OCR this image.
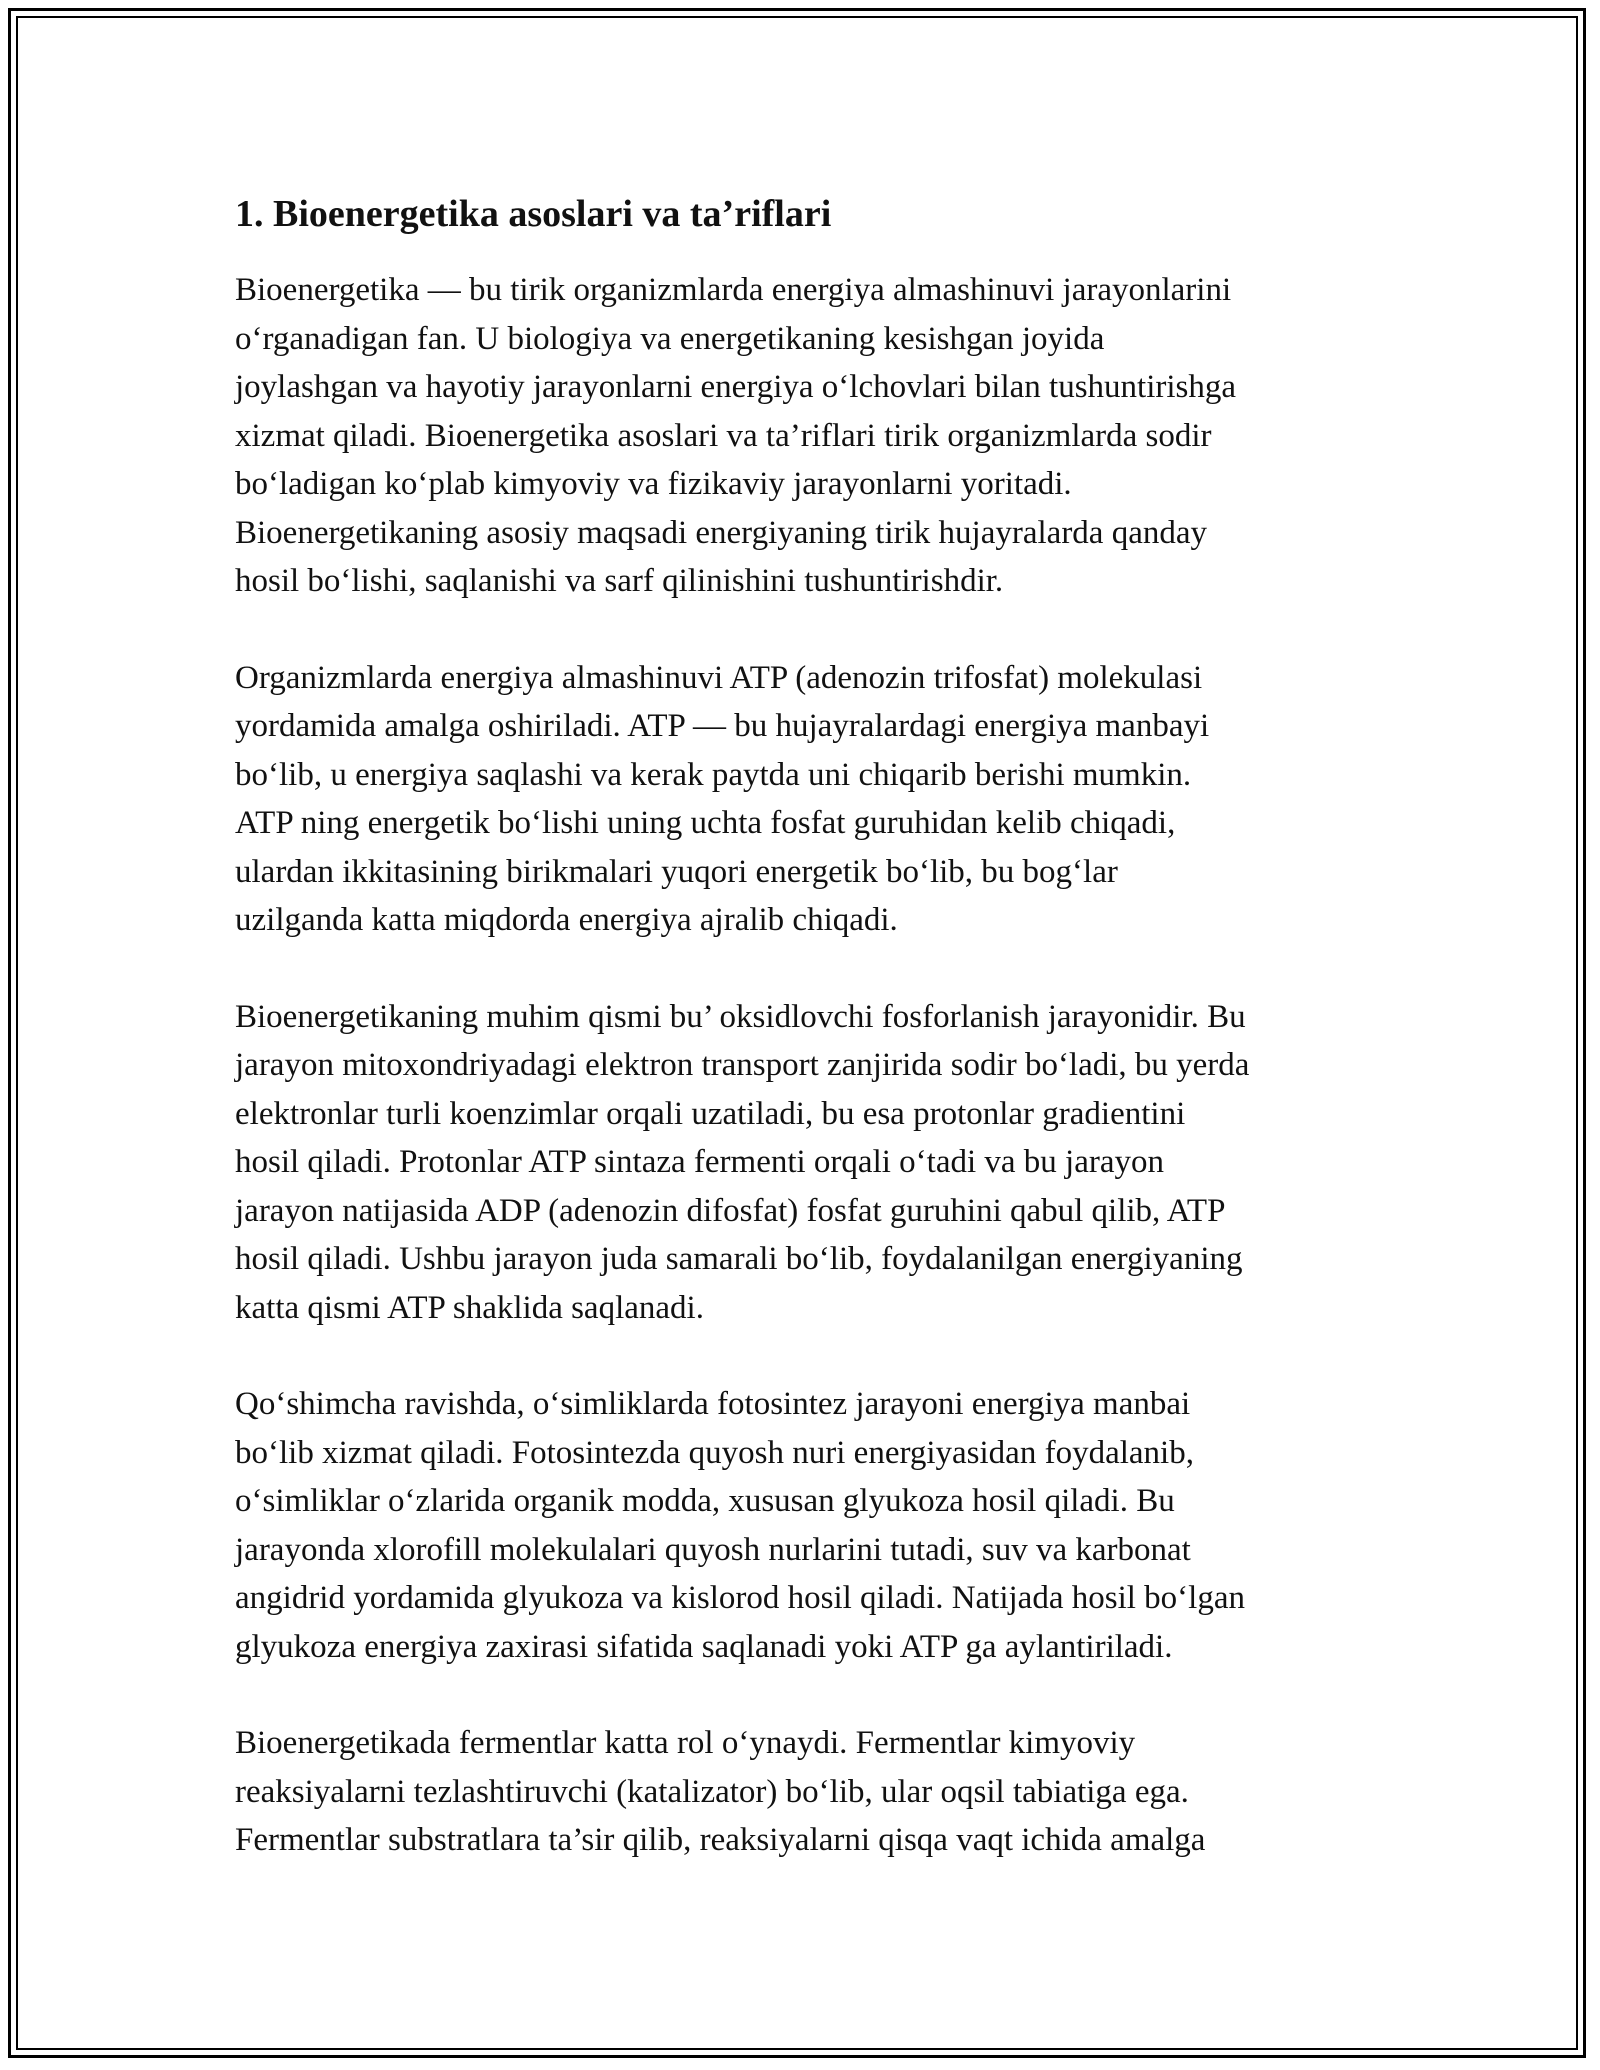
1. Bioenergetika asoslari va ta’riflari

Bioenergetika — bu tirik organizmlarda energiya almashinuvi jarayonlarini
o‘rganadigan fan. U biologiya va energetikaning kesishgan joyida
joylashgan va hayotiy jarayonlarni energiya o‘lchovlari bilan tushuntirishga
xizmat qiladi. Bioenergetika asoslari va ta’riflari tirik organizmlarda sodir
bo‘ladigan ko‘plab kimyoviy va fizikaviy jarayonlarni yoritadi.
Bioenergetikaning asosiy maqsadi energiyaning tirik hujayralarda qanday
hosil bo‘lishi, saqlanishi va sarf qilinishini tushuntirishdir.

Organizmlarda energiya almashinuvi ATP (adenozin trifosfat) molekulasi
yordamida amalga oshiriladi. ATP — bu hujayralardagi energiya manbayi
bo‘lib, u energiya saqlashi va kerak paytda uni chiqarib berishi mumkin.
ATP ning energetik bo‘lishi uning uchta fosfat guruhidan kelib chiqadi,
ulardan ikkitasining birikmalari yuqori energetik bo‘lib, bu bog‘lar
uzilganda katta miqdorda energiya ajralib chiqadi.

Bioenergetikaning muhim qismi bu’ oksidlovchi fosforlanish jarayonidir. Bu
jarayon mitoxondriyadagi elektron transport zanjirida sodir bo‘ladi, bu yerda
elektronlar turli koenzimlar orqali uzatiladi, bu esa protonlar gradientini
hosil qiladi. Protonlar ATP sintaza fermenti orqali o‘tadi va bu jarayon
jarayon natijasida ADP (adenozin difosfat) fosfat guruhini qabul qilib, ATP
hosil qiladi. Ushbu jarayon juda samarali bo‘lib, foydalanilgan energiyaning
katta qismi ATP shaklida saqlanadi.

Qo‘shimcha ravishda, o‘simliklarda fotosintez jarayoni energiya manbai
bo‘lib xizmat qiladi. Fotosintezda quyosh nuri energiyasidan foydalanib,
o‘simliklar o‘zlarida organik modda, xususan glyukoza hosil qiladi. Bu
jarayonda xlorofill molekulalari quyosh nurlarini tutadi, suv va karbonat
angidrid yordamida glyukoza va kislorod hosil qiladi. Natijada hosil bo‘lgan
glyukoza energiya zaxirasi sifatida saqlanadi yoki ATP ga aylantiriladi.

Bioenergetikada fermentlar katta rol o‘ynaydi. Fermentlar kimyoviy
reaksiyalarni tezlashtiruvchi (katalizator) bo‘lib, ular oqsil tabiatiga ega.
Fermentlar substratlara ta’sir qilib, reaksiyalarni qisqa vaqt ichida amalga
